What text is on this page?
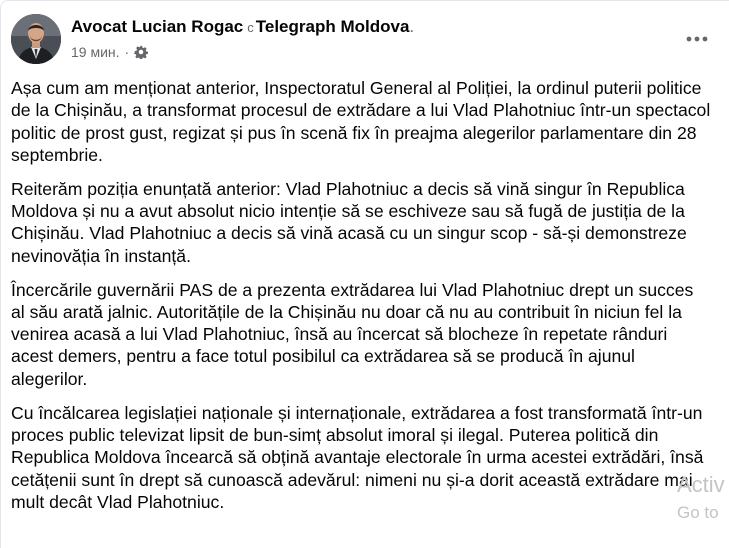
Avocat Lucian Rogac с Telegraph Moldova.
19 мин. ·

Așa cum am menționat anterior, Inspectoratul General al Poliției, la ordinul puterii politice de la Chișinău, a transformat procesul de extrădare a lui Vlad Plahotniuc într-un spectacol politic de prost gust, regizat și pus în scenă fix în preajma alegerilor parlamentare din 28 septembrie.

Reiterăm poziția enunțată anterior: Vlad Plahotniuc a decis să vină singur în Republica Moldova și nu a avut absolut nicio intenție să se eschiveze sau să fugă de justiția de la Chișinău. Vlad Plahotniuc a decis să vină acasă cu un singur scop - să-și demonstreze nevinovăția în instanță.

Încercările guvernării PAS de a prezenta extrădarea lui Vlad Plahotniuc drept un succes al său arată jalnic. Autoritățile de la Chișinău nu doar că nu au contribuit în niciun fel la venirea acasă a lui Vlad Plahotniuc, însă au încercat să blocheze în repetate rânduri acest demers, pentru a face totul posibilul ca extrădarea să se producă în ajunul alegerilor.

Cu încălcarea legislației naționale și internaționale, extrădarea a fost transformată într-un proces public televizat lipsit de bun-simț absolut imoral și ilegal. Puterea politică din Republica Moldova încearcă să obțină avantaje electorale în urma acestei extrădări, însă cetățenii sunt în drept să cunoască adevărul: nimeni nu și-a dorit această extrădare mai mult decât Vlad Plahotniuc.

Activ
Go to
